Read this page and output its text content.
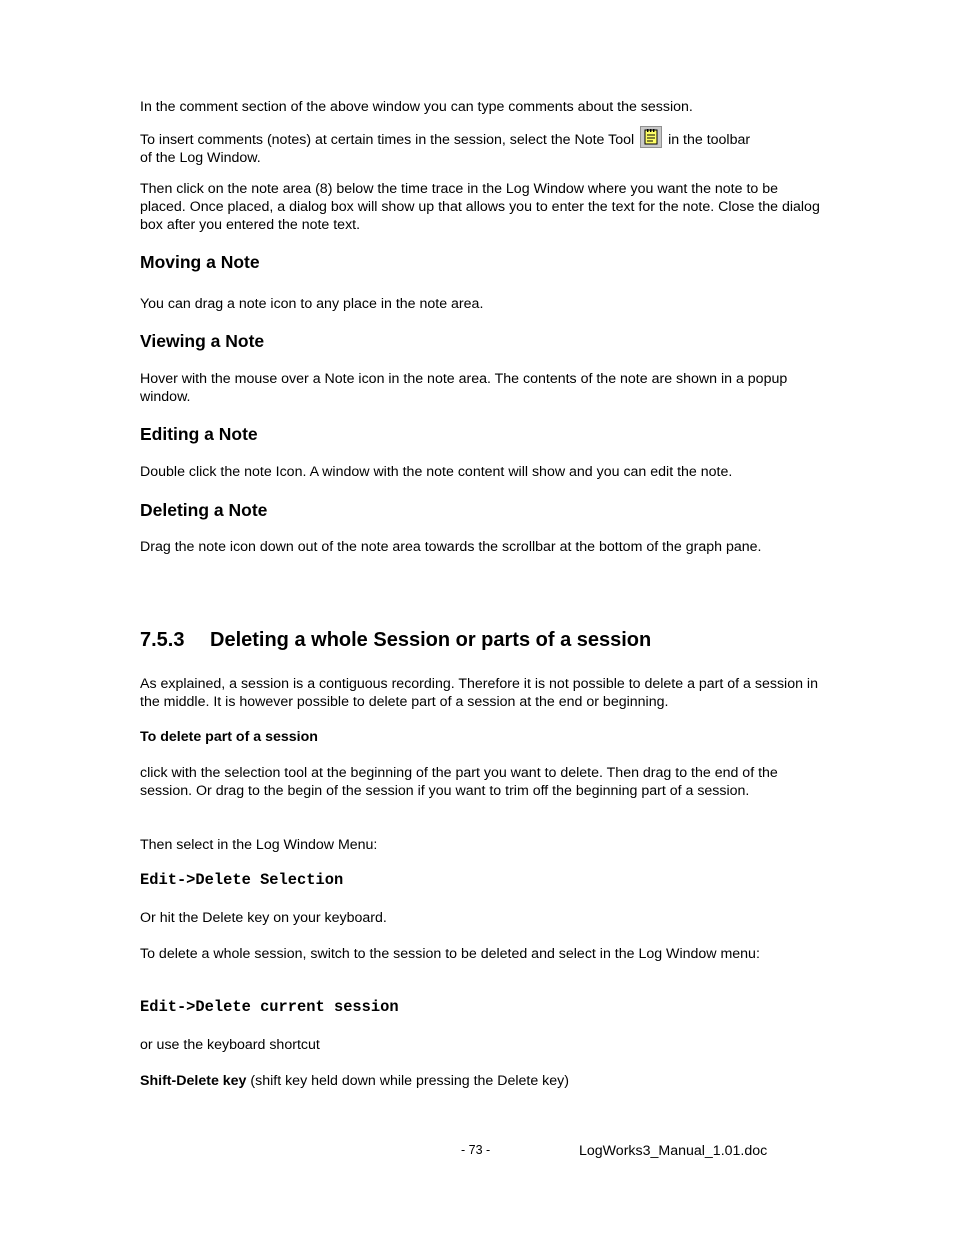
In the comment section of the above window you can type comments about the session.

To insert comments (notes) at certain times in the session, select the Note Tool in the toolbar
of the Log Window.

Then click on the note area (8) below the time trace in the Log Window where you want the note to be placed. Once placed, a dialog box will show up that allows you to enter the text for the note. Close the dialog box after you entered the note text.

Moving a Note

You can drag a note icon to any place in the note area.

Viewing a Note

Hover with the mouse over a Note icon in the note area. The contents of the note are shown in a popup window.

Editing a Note

Double click the note Icon. A window with the note content will show and you can edit the note.

Deleting a Note

Drag the note icon down out of the note area towards the scrollbar at the bottom of the graph pane.

7.5.3 Deleting a whole Session or parts of a session

As explained, a session is a contiguous recording. Therefore it is not possible to delete a part of a session in the middle. It is however possible to delete part of a session at the end or beginning.

To delete part of a session

click with the selection tool at the beginning of the part you want to delete. Then drag to the end of the session. Or drag to the begin of the session if you want to trim off the beginning part of a session.

Then select in the Log Window Menu:

Edit->Delete Selection

Or hit the Delete key on your keyboard.

To delete a whole session, switch to the session to be deleted and select in the Log Window menu:

Edit->Delete current session

or use the keyboard shortcut

Shift-Delete key (shift key held down while pressing the Delete key)

- 73 -	LogWorks3_Manual_1.01.doc
